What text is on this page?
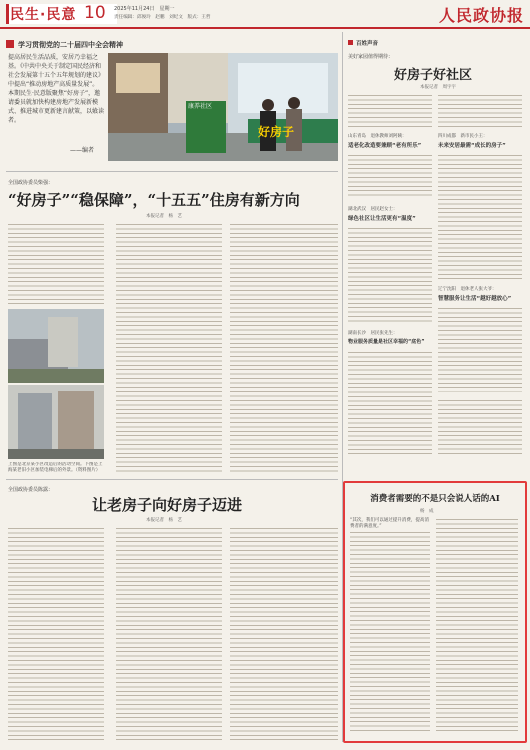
民生·民意 10 2025年11月24日　星期一
责任编辑：邱俊玲　赵鹏　刘纪文　版式：王哲	人民政协报
学习贯彻党的二十届四中全会精神
提高居民生活品质，安居乃幸福之基。《中共中央关于制定国民经济和社会发展第十五个五年规划的建议》中提出“推动房地产高质量发展”。本期民生·民意版聚焦“好房子”，邀请委员就加快构建房地产发展新模式、推进城市更新建言献策，以飨读者。
——编者
康养社区
好房子
全国政协委员柴强：
“好房子”“稳保障”，“十五五”住房有新方向
本报记者　杨　艺
上图是北京某小区改造后的活动空间。下图是上海某老旧小区加装电梯后的外景。（资料图片）
全国政协委员陈露：
让老房子向好房子迈进
本报记者　杨　艺
百姓声音
美好家园值得期待：
好房子好社区
本报记者　周宇宇
山东青岛　退休教师刘阿姨：
适老化改造要兼顾“老有所乐”
四川成都　新市民小王：
未来安居最需“成长的房子”
湖北武汉　居民赵女士：
绿色社区让生活更有“温度”
辽宁沈阳　退休老人张大爷：
智慧服务让生活“越好越放心”
湖南长沙　居民张先生：
物业服务质量是社区幸福的“底色”
消费者需要的不是只会说人话的AI
杨　成
“其次，我们可以通过提升消费，提高消费者的满意度。”
